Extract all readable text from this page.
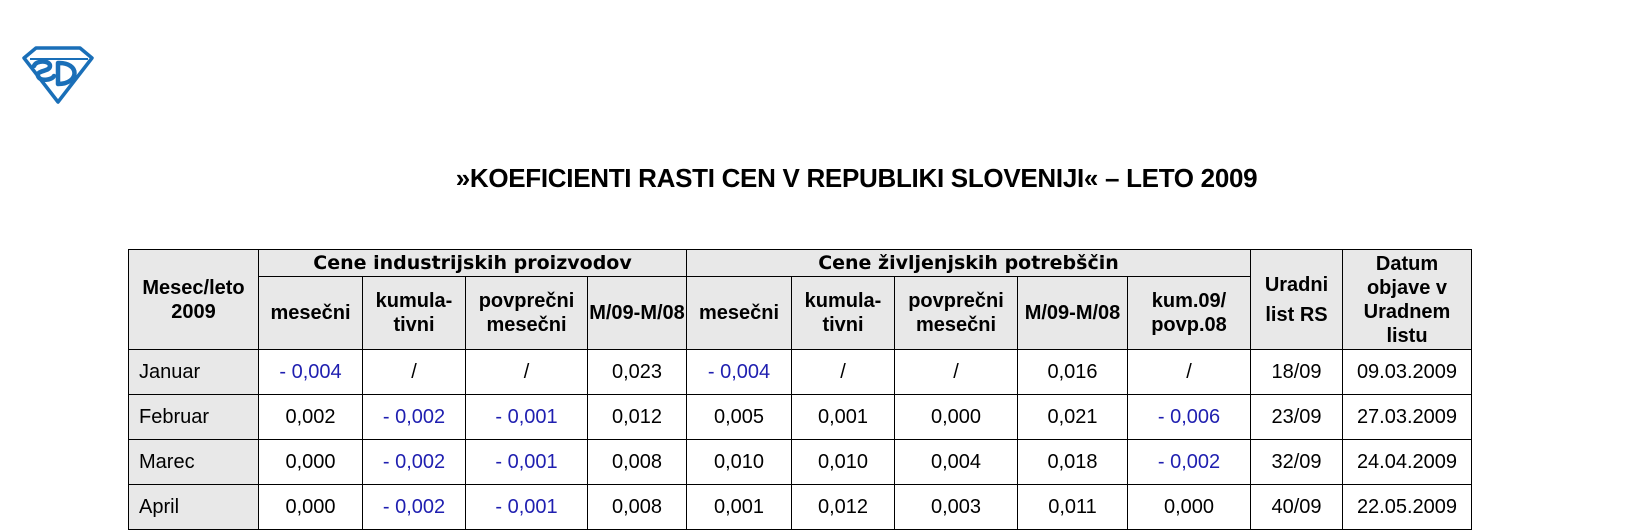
»KOEFICIENTI RASTI CEN V REPUBLIKI SLOVENIJI« – LETO 2009
Mesec/leto 2009	Cene industrijskih proizvodov				Cene življenjskih potrebščin					Uradni list RS	Datum objave v Uradnem listu
	mesečni	kumula-tivni	povprečni mesečni	M/09-M/08	mesečni	kumula-tivni	povprečni mesečni	M/09-M/08	kum.09/ povp.08		
Januar	- 0,004	/	/	0,023	- 0,004	/	/	0,016	/	18/09	09.03.2009
Februar	0,002	- 0,002	- 0,001	0,012	0,005	0,001	0,000	0,021	- 0,006	23/09	27.03.2009
Marec	0,000	- 0,002	- 0,001	0,008	0,010	0,010	0,004	0,018	- 0,002	32/09	24.04.2009
April	0,000	- 0,002	- 0,001	0,008	0,001	0,012	0,003	0,011	0,000	40/09	22.05.2009
